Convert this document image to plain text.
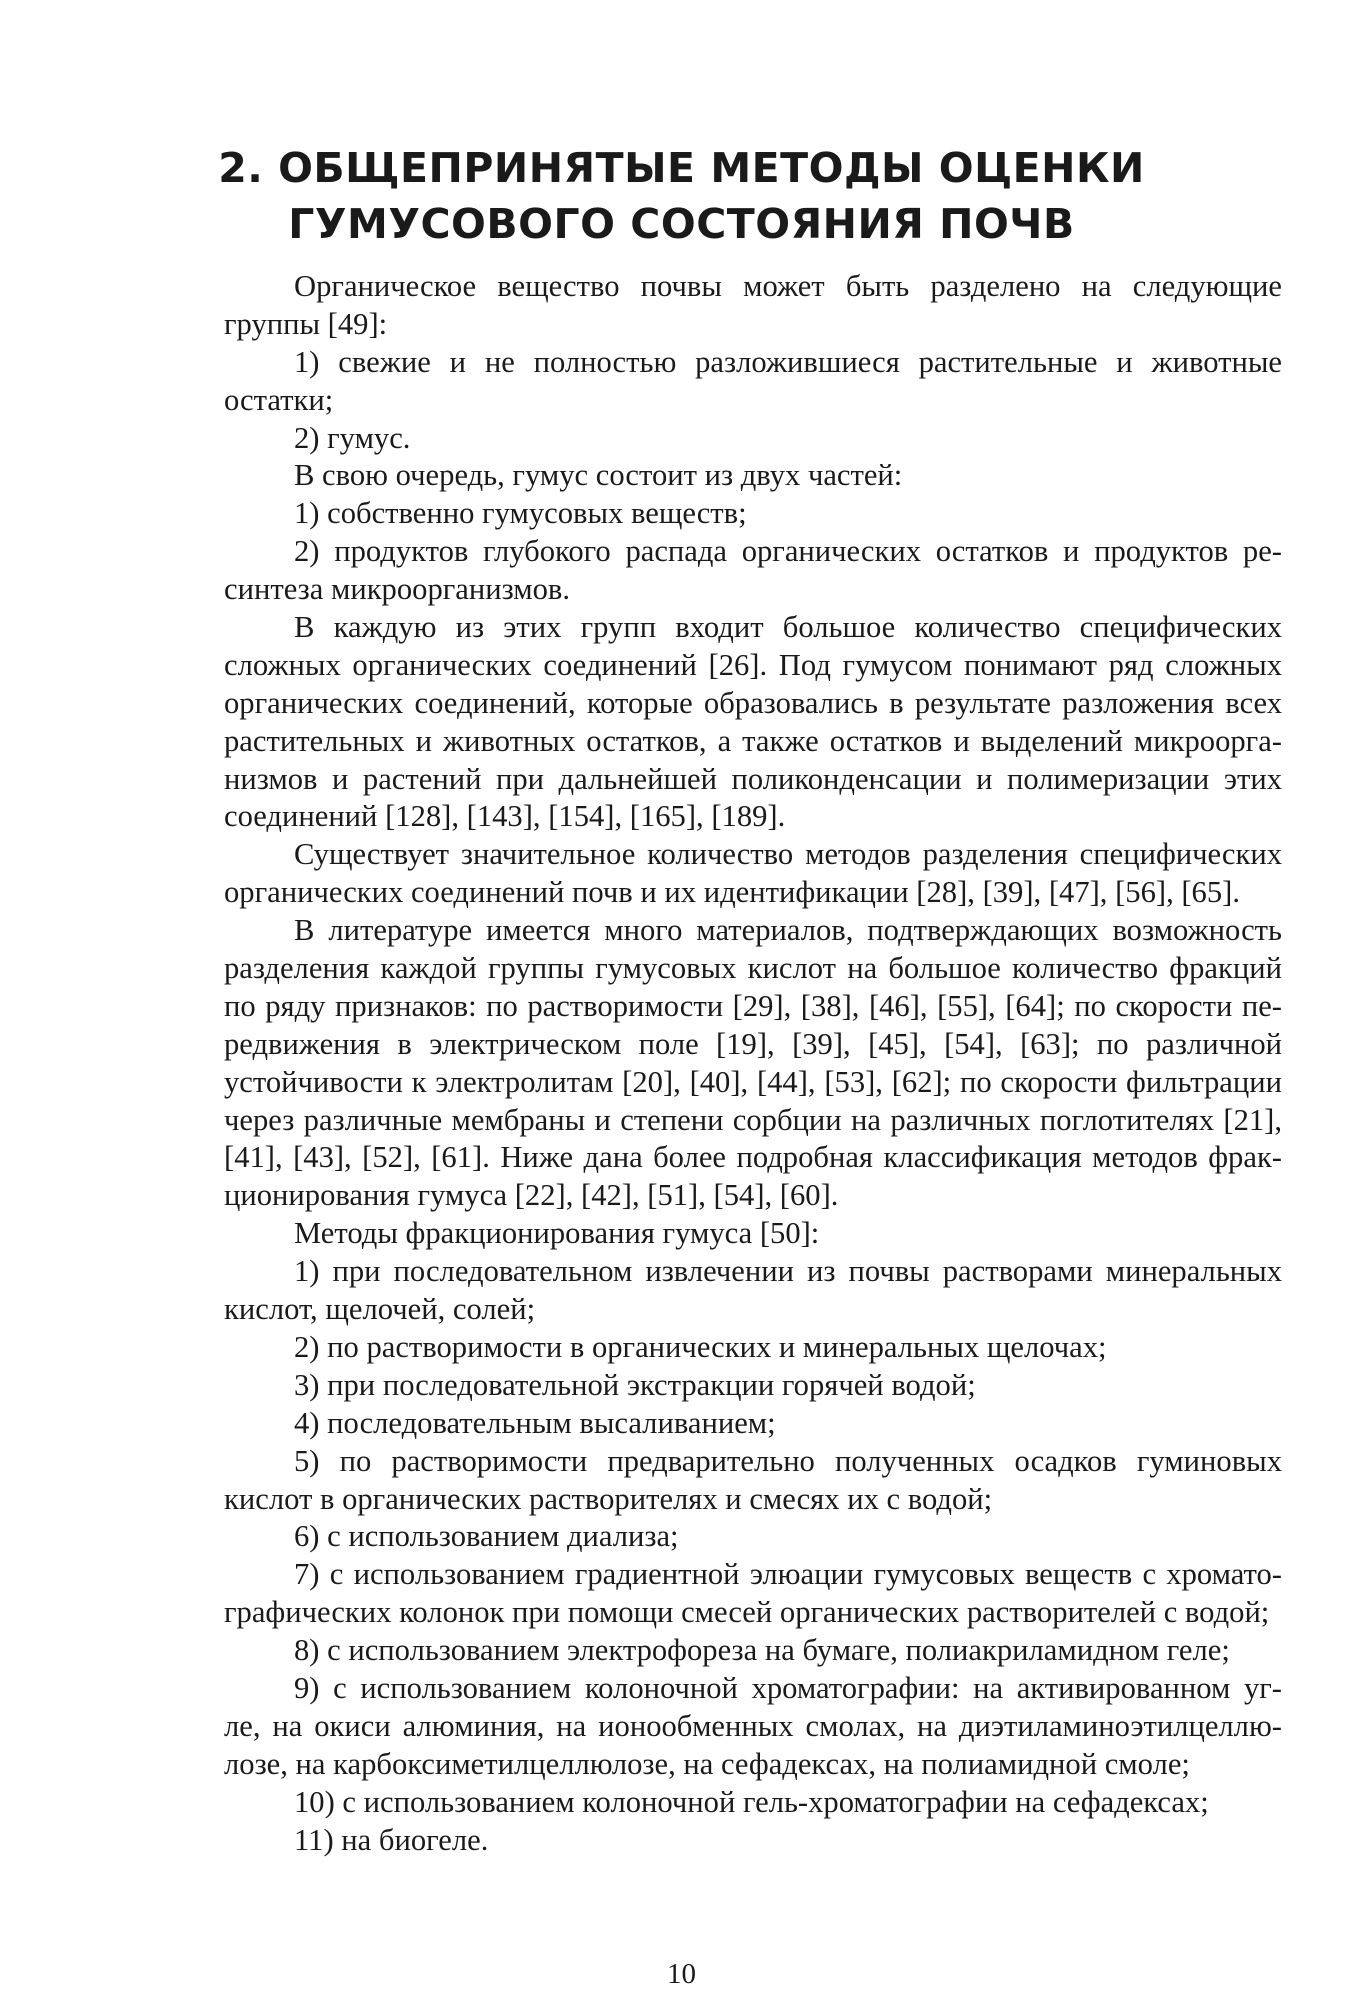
2. ОБЩЕПРИНЯТЫЕ МЕТОДЫ ОЦЕНКИ
ГУМУСОВОГО СОСТОЯНИЯ ПОЧВ
Органическое вещество почвы может быть разделено на следующие
группы [49]:
1) свежие и не полностью разложившиеся растительные и животные
остатки;
2) гумус.
В свою очередь, гумус состоит из двух частей:
1) собственно гумусовых веществ;
2) продуктов глубокого распада органических остатков и продуктов ре-
синтеза микроорганизмов.
В каждую из этих групп входит большое количество специфических
сложных органических соединений [26]. Под гумусом понимают ряд сложных
органических соединений, которые образовались в результате разложения всех
растительных и животных остатков, а также остатков и выделений микроорга-
низмов и растений при дальнейшей поликонденсации и полимеризации этих
соединений [128], [143], [154], [165], [189].
Существует значительное количество методов разделения специфических
органических соединений почв и их идентификации [28], [39], [47], [56], [65].
В литературе имеется много материалов, подтверждающих возможность
разделения каждой группы гумусовых кислот на большое количество фракций
по ряду признаков: по растворимости [29], [38], [46], [55], [64]; по скорости пе-
редвижения в электрическом поле [19], [39], [45], [54], [63]; по различной
устойчивости к электролитам [20], [40], [44], [53], [62]; по скорости фильтрации
через различные мембраны и степени сорбции на различных поглотителях [21],
[41], [43], [52], [61]. Ниже дана более подробная классификация методов фрак-
ционирования гумуса [22], [42], [51], [54], [60].
Методы фракционирования гумуса [50]:
1) при последовательном извлечении из почвы растворами минеральных
кислот, щелочей, солей;
2) по растворимости в органических и минеральных щелочах;
3) при последовательной экстракции горячей водой;
4) последовательным высаливанием;
5) по растворимости предварительно полученных осадков гуминовых
кислот в органических растворителях и смесях их с водой;
6) с использованием диализа;
7) с использованием градиентной элюации гумусовых веществ с хромато-
графических колонок при помощи смесей органических растворителей с водой;
8) с использованием электрофореза на бумаге, полиакриламидном геле;
9) с использованием колоночной хроматографии: на активированном уг-
ле, на окиси алюминия, на ионообменных смолах, на диэтиламиноэтилцеллю-
лозе, на карбоксиметилцеллюлозе, на сефадексах, на полиамидной смоле;
10) с использованием колоночной гель-хроматографии на сефадексах;
11) на биогеле.
10
